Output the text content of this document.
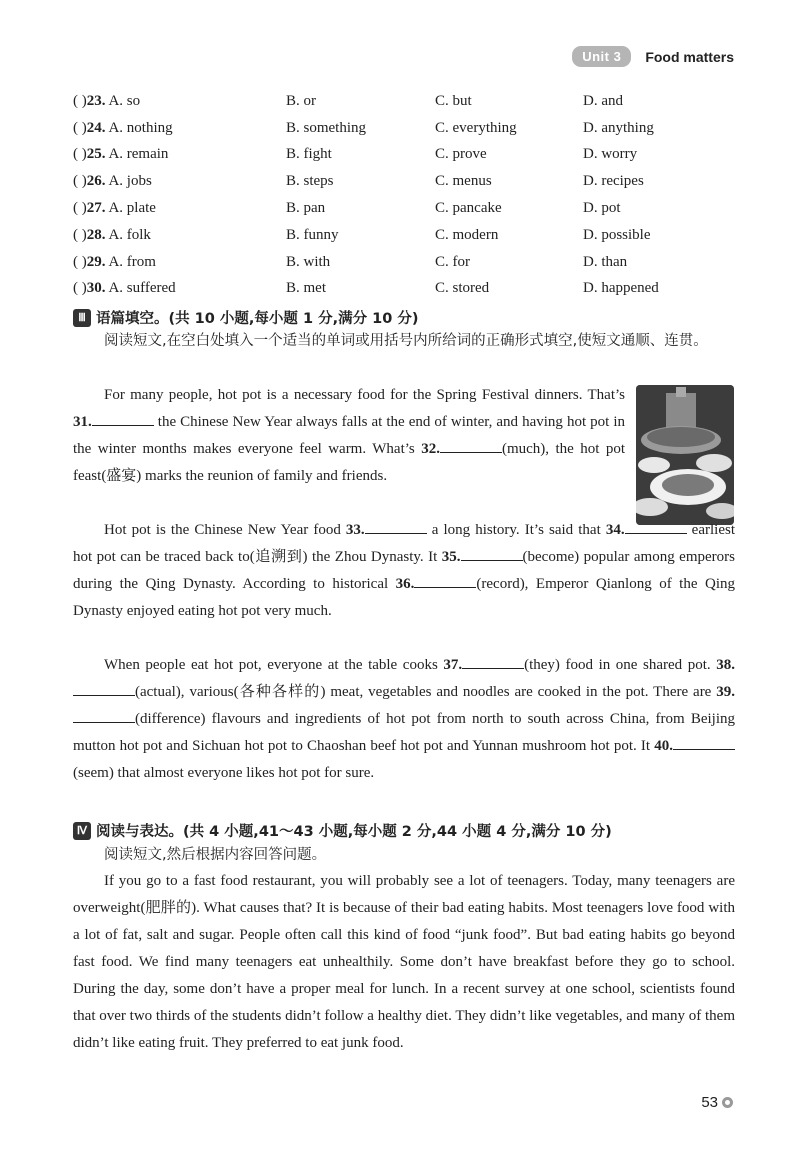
Unit 3	Food matters
( )23. A. so	B. or	C. but	D. and
( )24. A. nothing	B. something	C. everything	D. anything
( )25. A. remain	B. fight	C. prove	D. worry
( )26. A. jobs	B. steps	C. menus	D. recipes
( )27. A. plate	B. pan	C. pancake	D. pot
( )28. A. folk	B. funny	C. modern	D. possible
( )29. A. from	B. with	C. for	D. than
( )30. A. suffered	B. met	C. stored	D. happened
Ⅲ 语篇填空。(共 10 小题,每小题 1 分,满分 10 分)
阅读短文,在空白处填入一个适当的单词或用括号内所给词的正确形式填空,使短文通顺、连贯。
For many people, hot pot is a necessary food for the Spring Festival dinners. That’s 31.	the Chinese New Year always falls at the end of winter, and having hot pot in the winter months makes everyone feel warm. What’s 32.	(much), the hot pot feast(盛宴) marks the reunion of family and friends.
Hot pot is the Chinese New Year food 33.	a long history. It’s said that 34.	earliest hot pot can be traced back to(追溯到) the Zhou Dynasty. It 35.	(become) popular among emperors during the Qing Dynasty. According to historical 36.	(record), Emperor Qianlong of the Qing Dynasty enjoyed eating hot pot very much.
When people eat hot pot, everyone at the table cooks 37.	(they) food in one shared pot. 38.(actual), various(各种各样的) meat, vegetables and noodles are cooked in the pot. There are 39.(difference) flavours and ingredients of hot pot from north to south across China, from Beijing mutton hot pot and Sichuan hot pot to Chaoshan beef hot pot and Yunnan mushroom hot pot. It 40.(seem) that almost everyone likes hot pot for sure.
Ⅳ 阅读与表达。(共 4 小题,41～43 小题,每小题 2 分,44 小题 4 分,满分 10 分)
阅读短文,然后根据内容回答问题。
If you go to a fast food restaurant, you will probably see a lot of teenagers. Today, many teenagers are overweight(肥胖的). What causes that? It is because of their bad eating habits. Most teenagers love food with a lot of fat, salt and sugar. People often call this kind of food “junk food”. But bad eating habits go beyond fast food. We find many teenagers eat unhealthily. Some don’t have breakfast before they go to school. During the day, some don’t have a proper meal for lunch. In a recent survey at one school, scientists found that over two thirds of the students didn’t follow a healthy diet. They didn’t like vegetables, and many of them didn’t like eating fruit. They preferred to eat junk food.
53
